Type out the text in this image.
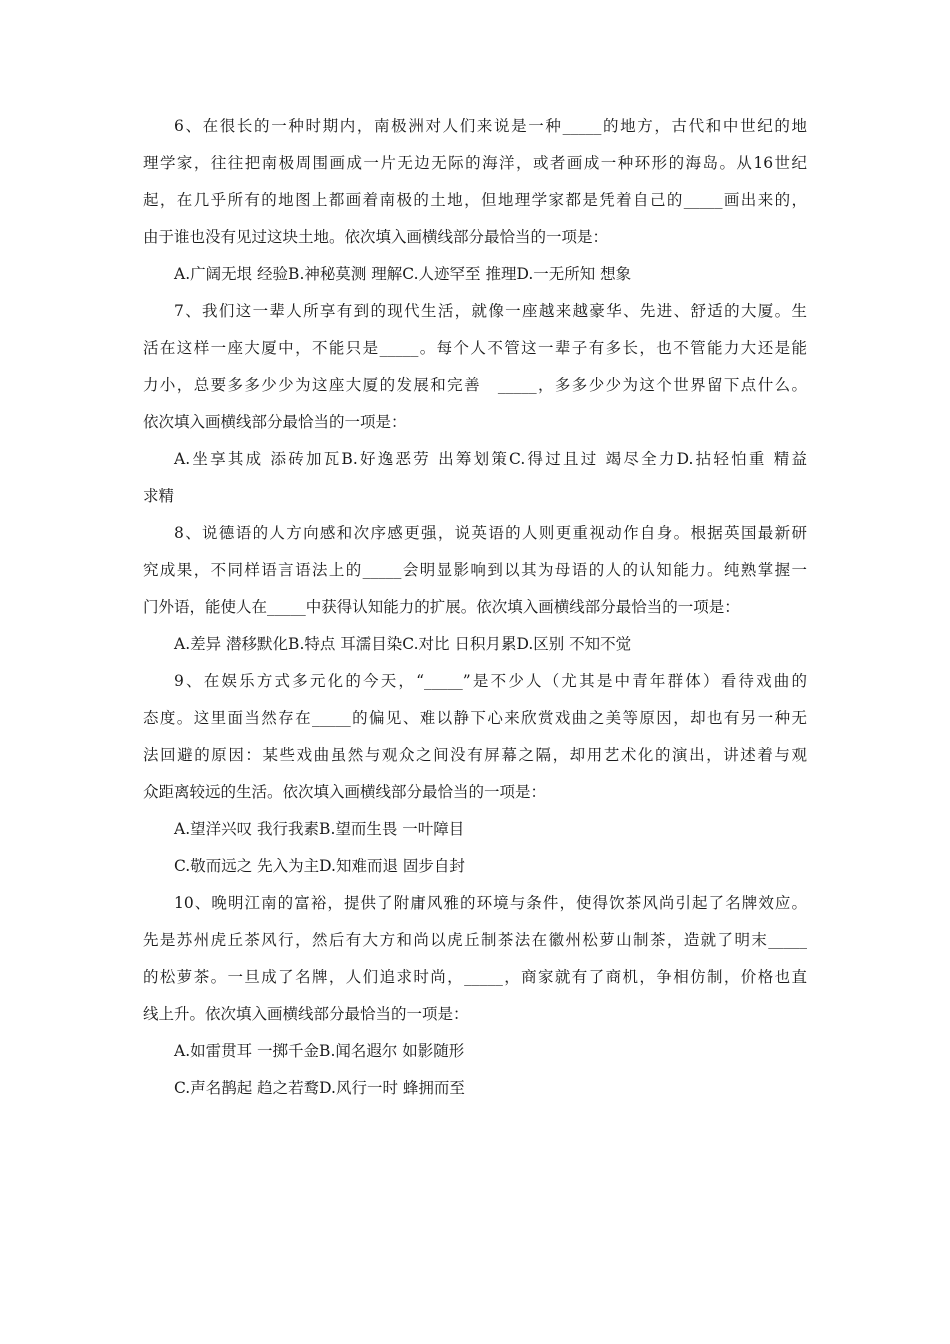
6、在很长的一种时期内，南极洲对人们来说是一种_____的地方，古代和中世纪的地
理学家，往往把南极周围画成一片无边无际的海洋，或者画成一种环形的海岛。从16世纪
起，在几乎所有的地图上都画着南极的土地，但地理学家都是凭着自己的_____画出来的，
由于谁也没有见过这块土地。依次填入画横线部分最恰当的一项是：
A.广阔无垠 经验B.神秘莫测 理解C.人迹罕至 推理D.一无所知 想象
7、我们这一辈人所享有到的现代生活，就像一座越来越豪华、先进、舒适的大厦。生
活在这样一座大厦中，不能只是_____。每个人不管这一辈子有多长，也不管能力大还是能
力小，总要多多少少为这座大厦的发展和完善　_____，多多少少为这个世界留下点什么。
依次填入画横线部分最恰当的一项是：
A.坐享其成 添砖加瓦B.好逸恶劳 出筹划策C.得过且过 竭尽全力D.拈轻怕重 精益
求精
8、说德语的人方向感和次序感更强，说英语的人则更重视动作自身。根据英国最新研
究成果，不同样语言语法上的_____会明显影响到以其为母语的人的认知能力。纯熟掌握一
门外语，能使人在_____中获得认知能力的扩展。依次填入画横线部分最恰当的一项是：
A.差异 潜移默化B.特点 耳濡目染C.对比 日积月累D.区别 不知不觉
9、在娱乐方式多元化的今天，“_____”是不少人（尤其是中青年群体）看待戏曲的
态度。这里面当然存在_____的偏见、难以静下心来欣赏戏曲之美等原因，却也有另一种无
法回避的原因：某些戏曲虽然与观众之间没有屏幕之隔，却用艺术化的演出，讲述着与观
众距离较远的生活。依次填入画横线部分最恰当的一项是：
A.望洋兴叹 我行我素B.望而生畏 一叶障目
C.敬而远之 先入为主D.知难而退 固步自封
10、晚明江南的富裕，提供了附庸风雅的环境与条件，使得饮茶风尚引起了名牌效应。
先是苏州虎丘茶风行，然后有大方和尚以虎丘制茶法在徽州松萝山制茶，造就了明末_____
的松萝茶。一旦成了名牌，人们追求时尚，_____，商家就有了商机，争相仿制，价格也直
线上升。依次填入画横线部分最恰当的一项是：
A.如雷贯耳 一掷千金B.闻名遐尔 如影随形
C.声名鹊起 趋之若鹜D.风行一时 蜂拥而至
